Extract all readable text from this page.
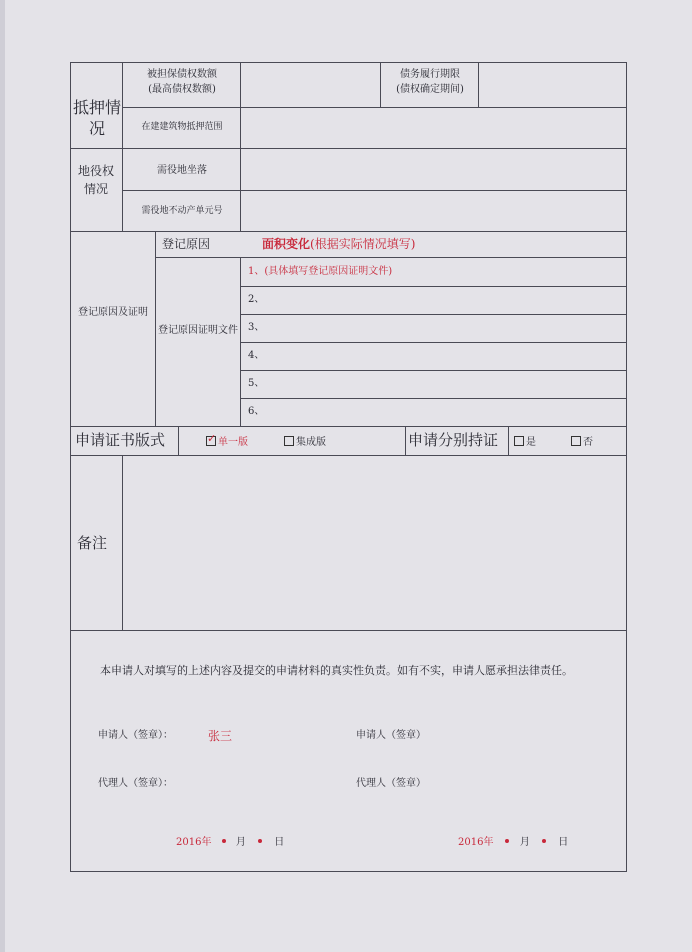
抵押情况
被担保债权数额
(最高债权数额)
债务履行期限
(债权确定期间)
在建建筑物抵押范围
地役权情况
需役地坐落
需役地不动产单元号
登记原因及证明
登记原因	面积变化(根据实际情况填写)
登记原因证明文件
1、(具体填写登记原因证明文件)
2、
3、
4、
5、
6、
申请证书版式
✓	单一版	集成版	申请分别持证	是	否
备注
本申请人对填写的上述内容及提交的申请材料的真实性负责。如有不实，申请人愿承担法律责任。
申请人（签章）：	张三	申请人（签章）
代理人（签章）：	代理人（签章）
2016年 月	日	2016年	月	日
